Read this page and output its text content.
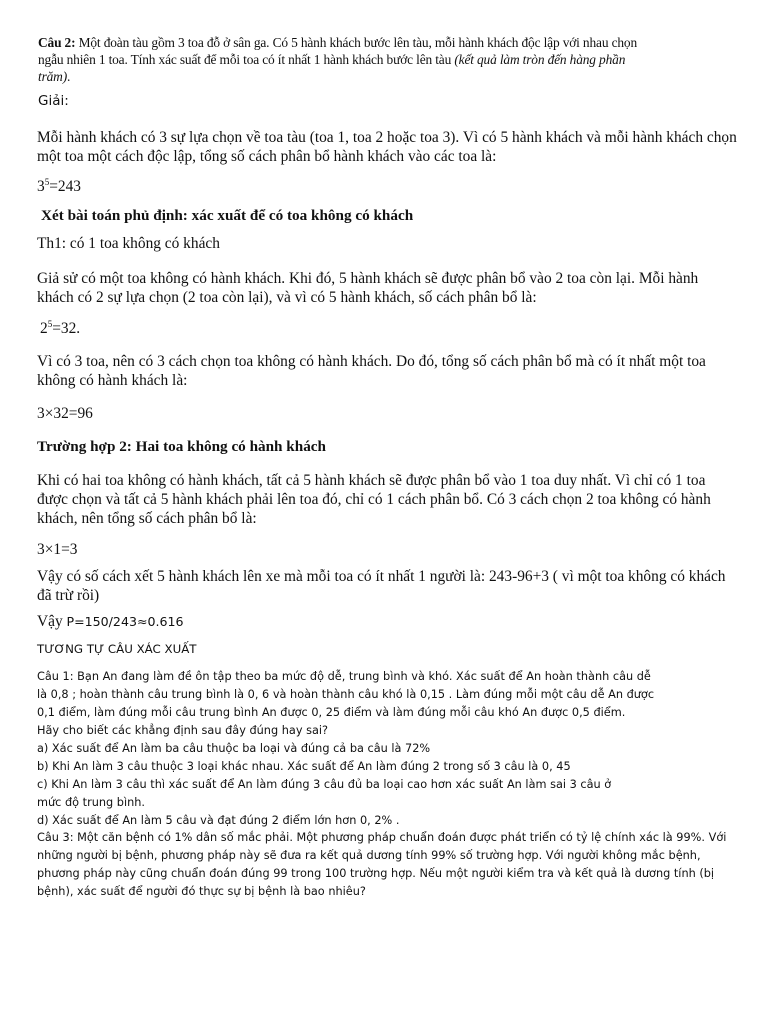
Câu 2: Một đoàn tàu gồm 3 toa đỗ ở sân ga. Có 5 hành khách bước lên tàu, mỗi hành khách độc lập với nhau chọn ngẫu nhiên 1 toa. Tính xác suất để mỗi toa có ít nhất 1 hành khách bước lên tàu (kết quả làm tròn đến hàng phần trăm).
Giải:
Mỗi hành khách có 3 sự lựa chọn về toa tàu (toa 1, toa 2 hoặc toa 3). Vì có 5 hành khách và mỗi hành khách chọn một toa một cách độc lập, tổng số cách phân bổ hành khách vào các toa là:
$3^5=243$
Xét bài toán phủ định: xác xuất để có toa không có khách
Th1: có 1 toa không có khách
Giả sử có một toa không có hành khách. Khi đó, 5 hành khách sẽ được phân bổ vào 2 toa còn lại. Mỗi hành khách có 2 sự lựa chọn (2 toa còn lại), và vì có 5 hành khách, số cách phân bổ là:
$2^5=32$.
Vì có 3 toa, nên có 3 cách chọn toa không có hành khách. Do đó, tổng số cách phân bổ mà có ít nhất một toa không có hành khách là:
3×32=96
Trường hợp 2: Hai toa không có hành khách
Khi có hai toa không có hành khách, tất cả 5 hành khách sẽ được phân bổ vào 1 toa duy nhất. Vì chỉ có 1 toa được chọn và tất cả 5 hành khách phải lên toa đó, chỉ có 1 cách phân bổ. Có 3 cách chọn 2 toa không có hành khách, nên tổng số cách phân bổ là:
3×1=3
Vậy có số cách xết 5 hành khách lên xe mà mỗi toa có ít nhất 1 người là: 243-96+3 ( vì một toa không có khách đã trừ rồi)
Vậy P=150/243≈0.616
TƯƠNG TỰ CÂU XÁC XUẤT
Câu 1: Bạn An đang làm đề ôn tập theo ba mức độ dễ, trung bình và khó. Xác suất để An hoàn thành câu dễ
là 0,8 ; hoàn thành câu trung bình là 0, 6 và hoàn thành câu khó là 0,15 . Làm đúng mỗi một câu dễ An được
0,1 điểm, làm đúng mỗi câu trung bình An được 0, 25 điểm và làm đúng mỗi câu khó An được 0,5 điểm.
Hãy cho biết các khẳng định sau đây đúng hay sai?
a) Xác suất để An làm ba câu thuộc ba loại và đúng cả ba câu là 72%
b) Khi An làm 3 câu thuộc 3 loại khác nhau. Xác suất để An làm đúng 2 trong số 3 câu là 0, 45
c) Khi An làm 3 câu thì xác suất để An làm đúng 3 câu đủ ba loại cao hơn xác suất An làm sai 3 câu ở
mức độ trung bình.
d) Xác suất để An làm 5 câu và đạt đúng 2 điểm lớn hơn 0, 2% .
Câu 3: Một căn bệnh có 1% dân số mắc phải. Một phương pháp chuẩn đoán được phát triển có tỷ lệ chính xác là 99%. Với
những người bị bệnh, phương pháp này sẽ đưa ra kết quả dương tính 99% số trường hợp. Với người không mắc bệnh,
phương pháp này cũng chuẩn đoán đúng 99 trong 100 trường hợp. Nếu một người kiểm tra và kết quả là dương tính (bị
bệnh), xác suất để người đó thực sự bị bệnh là bao nhiêu?
